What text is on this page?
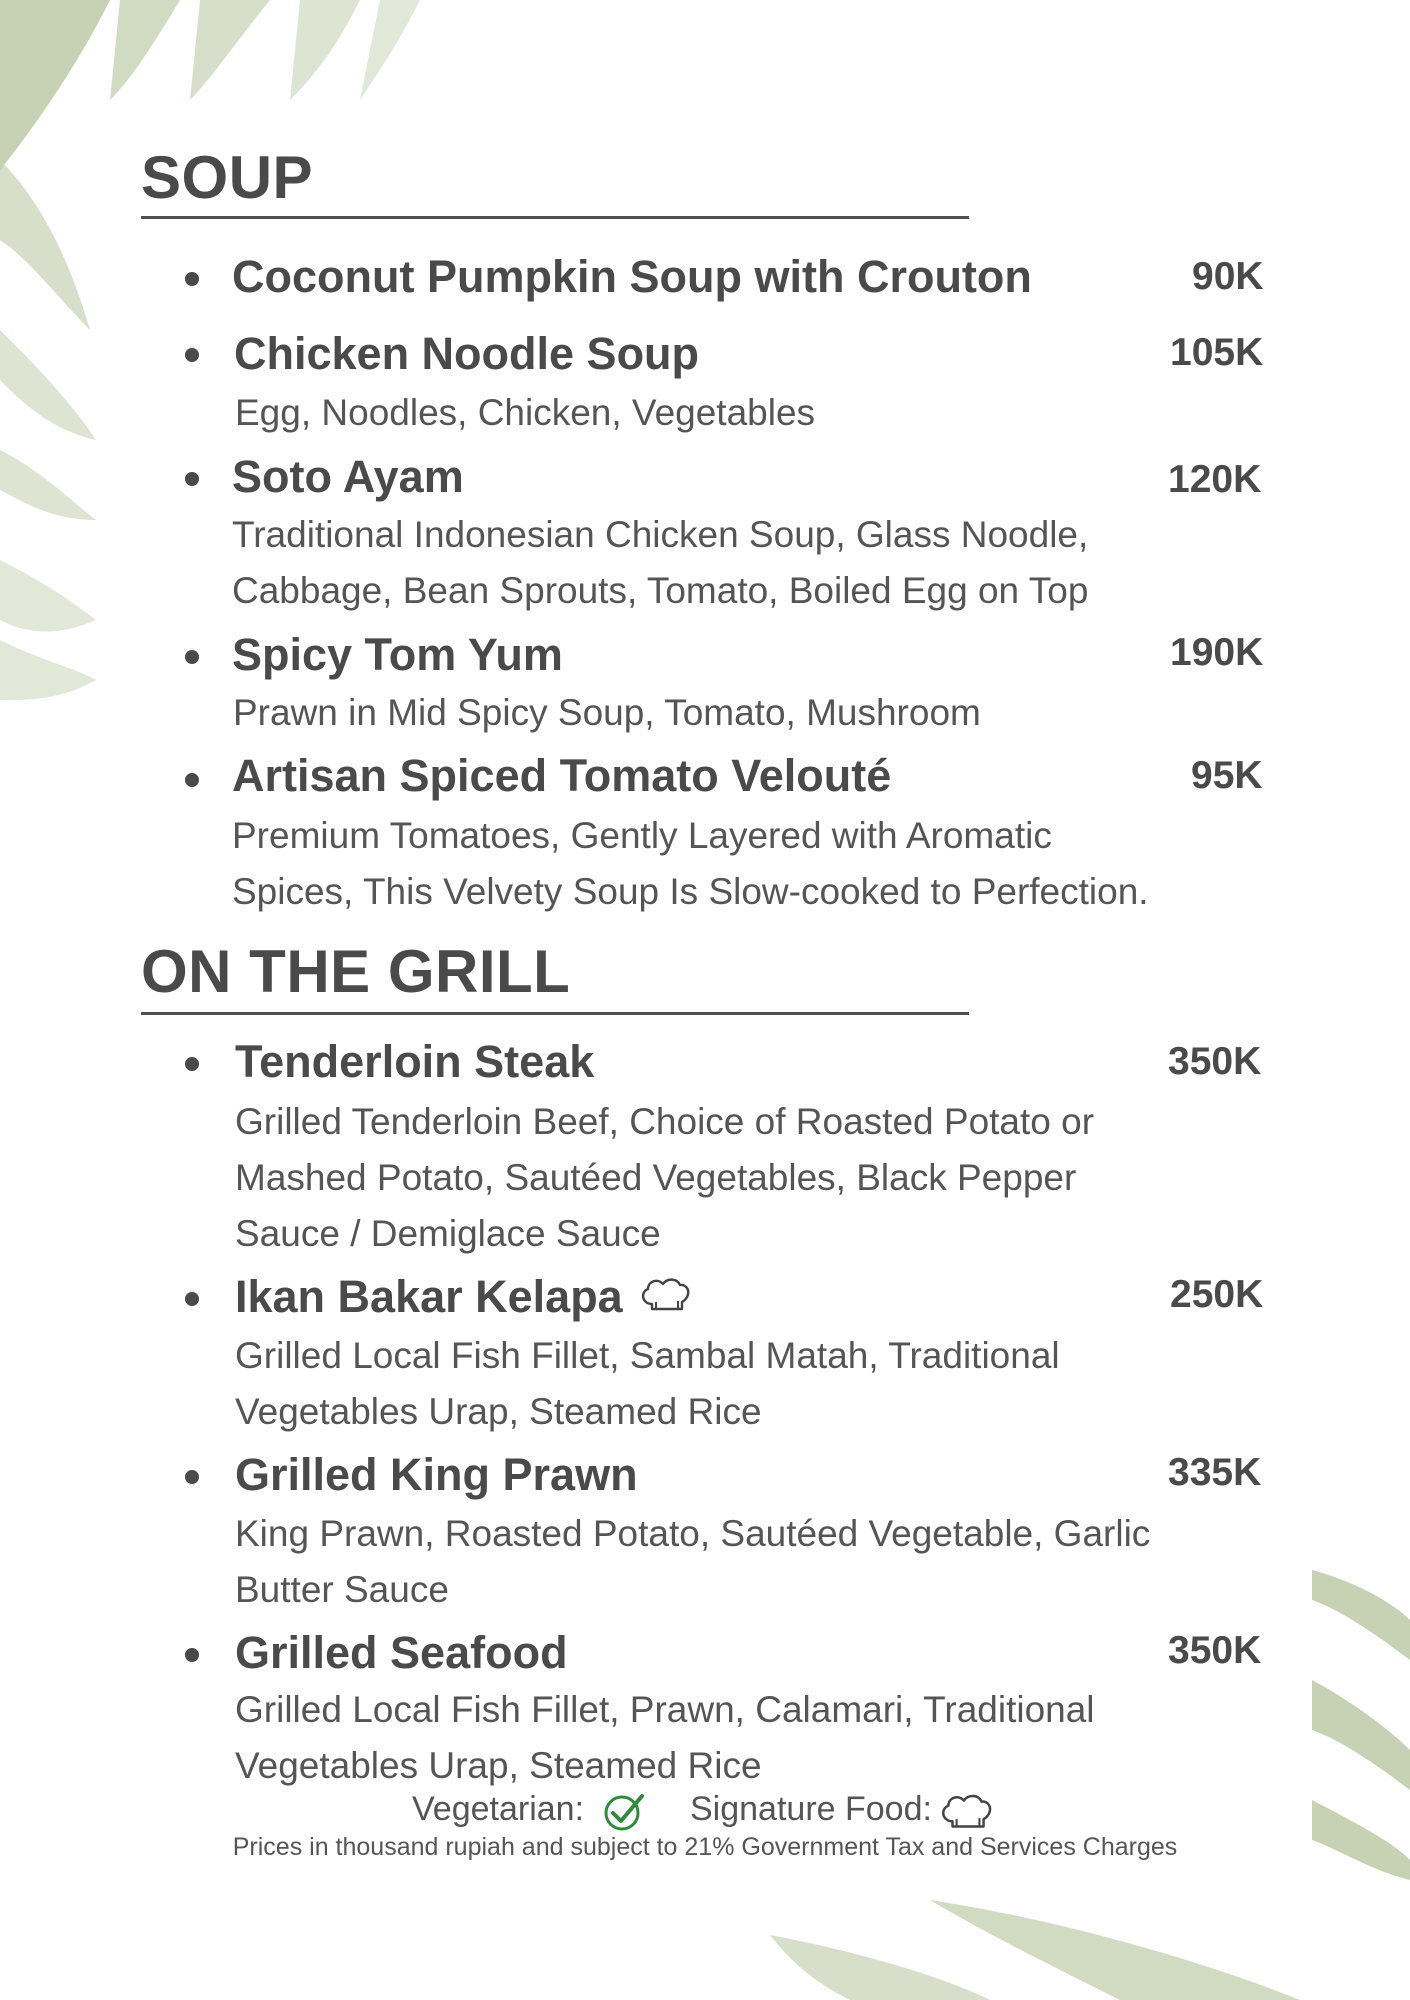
SOUP
Coconut Pumpkin Soup with Crouton	90K
Chicken Noodle Soup	105K
Egg, Noodles, Chicken, Vegetables
Soto Ayam	120K
Traditional Indonesian Chicken Soup, Glass Noodle,
Cabbage, Bean Sprouts, Tomato, Boiled Egg on Top
Spicy Tom Yum	190K
Prawn in Mid Spicy Soup, Tomato, Mushroom
Artisan Spiced Tomato Velouté	95K
Premium Tomatoes, Gently Layered with Aromatic
Spices, This Velvety Soup Is Slow-cooked to Perfection.
ON THE GRILL
Tenderloin Steak	350K
Grilled Tenderloin Beef, Choice of Roasted Potato or
Mashed Potato, Sautéed Vegetables, Black Pepper
Sauce / Demiglace Sauce
Ikan Bakar Kelapa	250K
Grilled Local Fish Fillet, Sambal Matah, Traditional
Vegetables Urap, Steamed Rice
Grilled King Prawn	335K
King Prawn, Roasted Potato, Sautéed Vegetable, Garlic
Butter Sauce
Grilled Seafood	350K
Grilled Local Fish Fillet, Prawn, Calamari, Traditional
Vegetables Urap, Steamed Rice
Vegetarian:	Signature Food:
Prices in thousand rupiah and subject to 21% Government Tax and Services Charges
